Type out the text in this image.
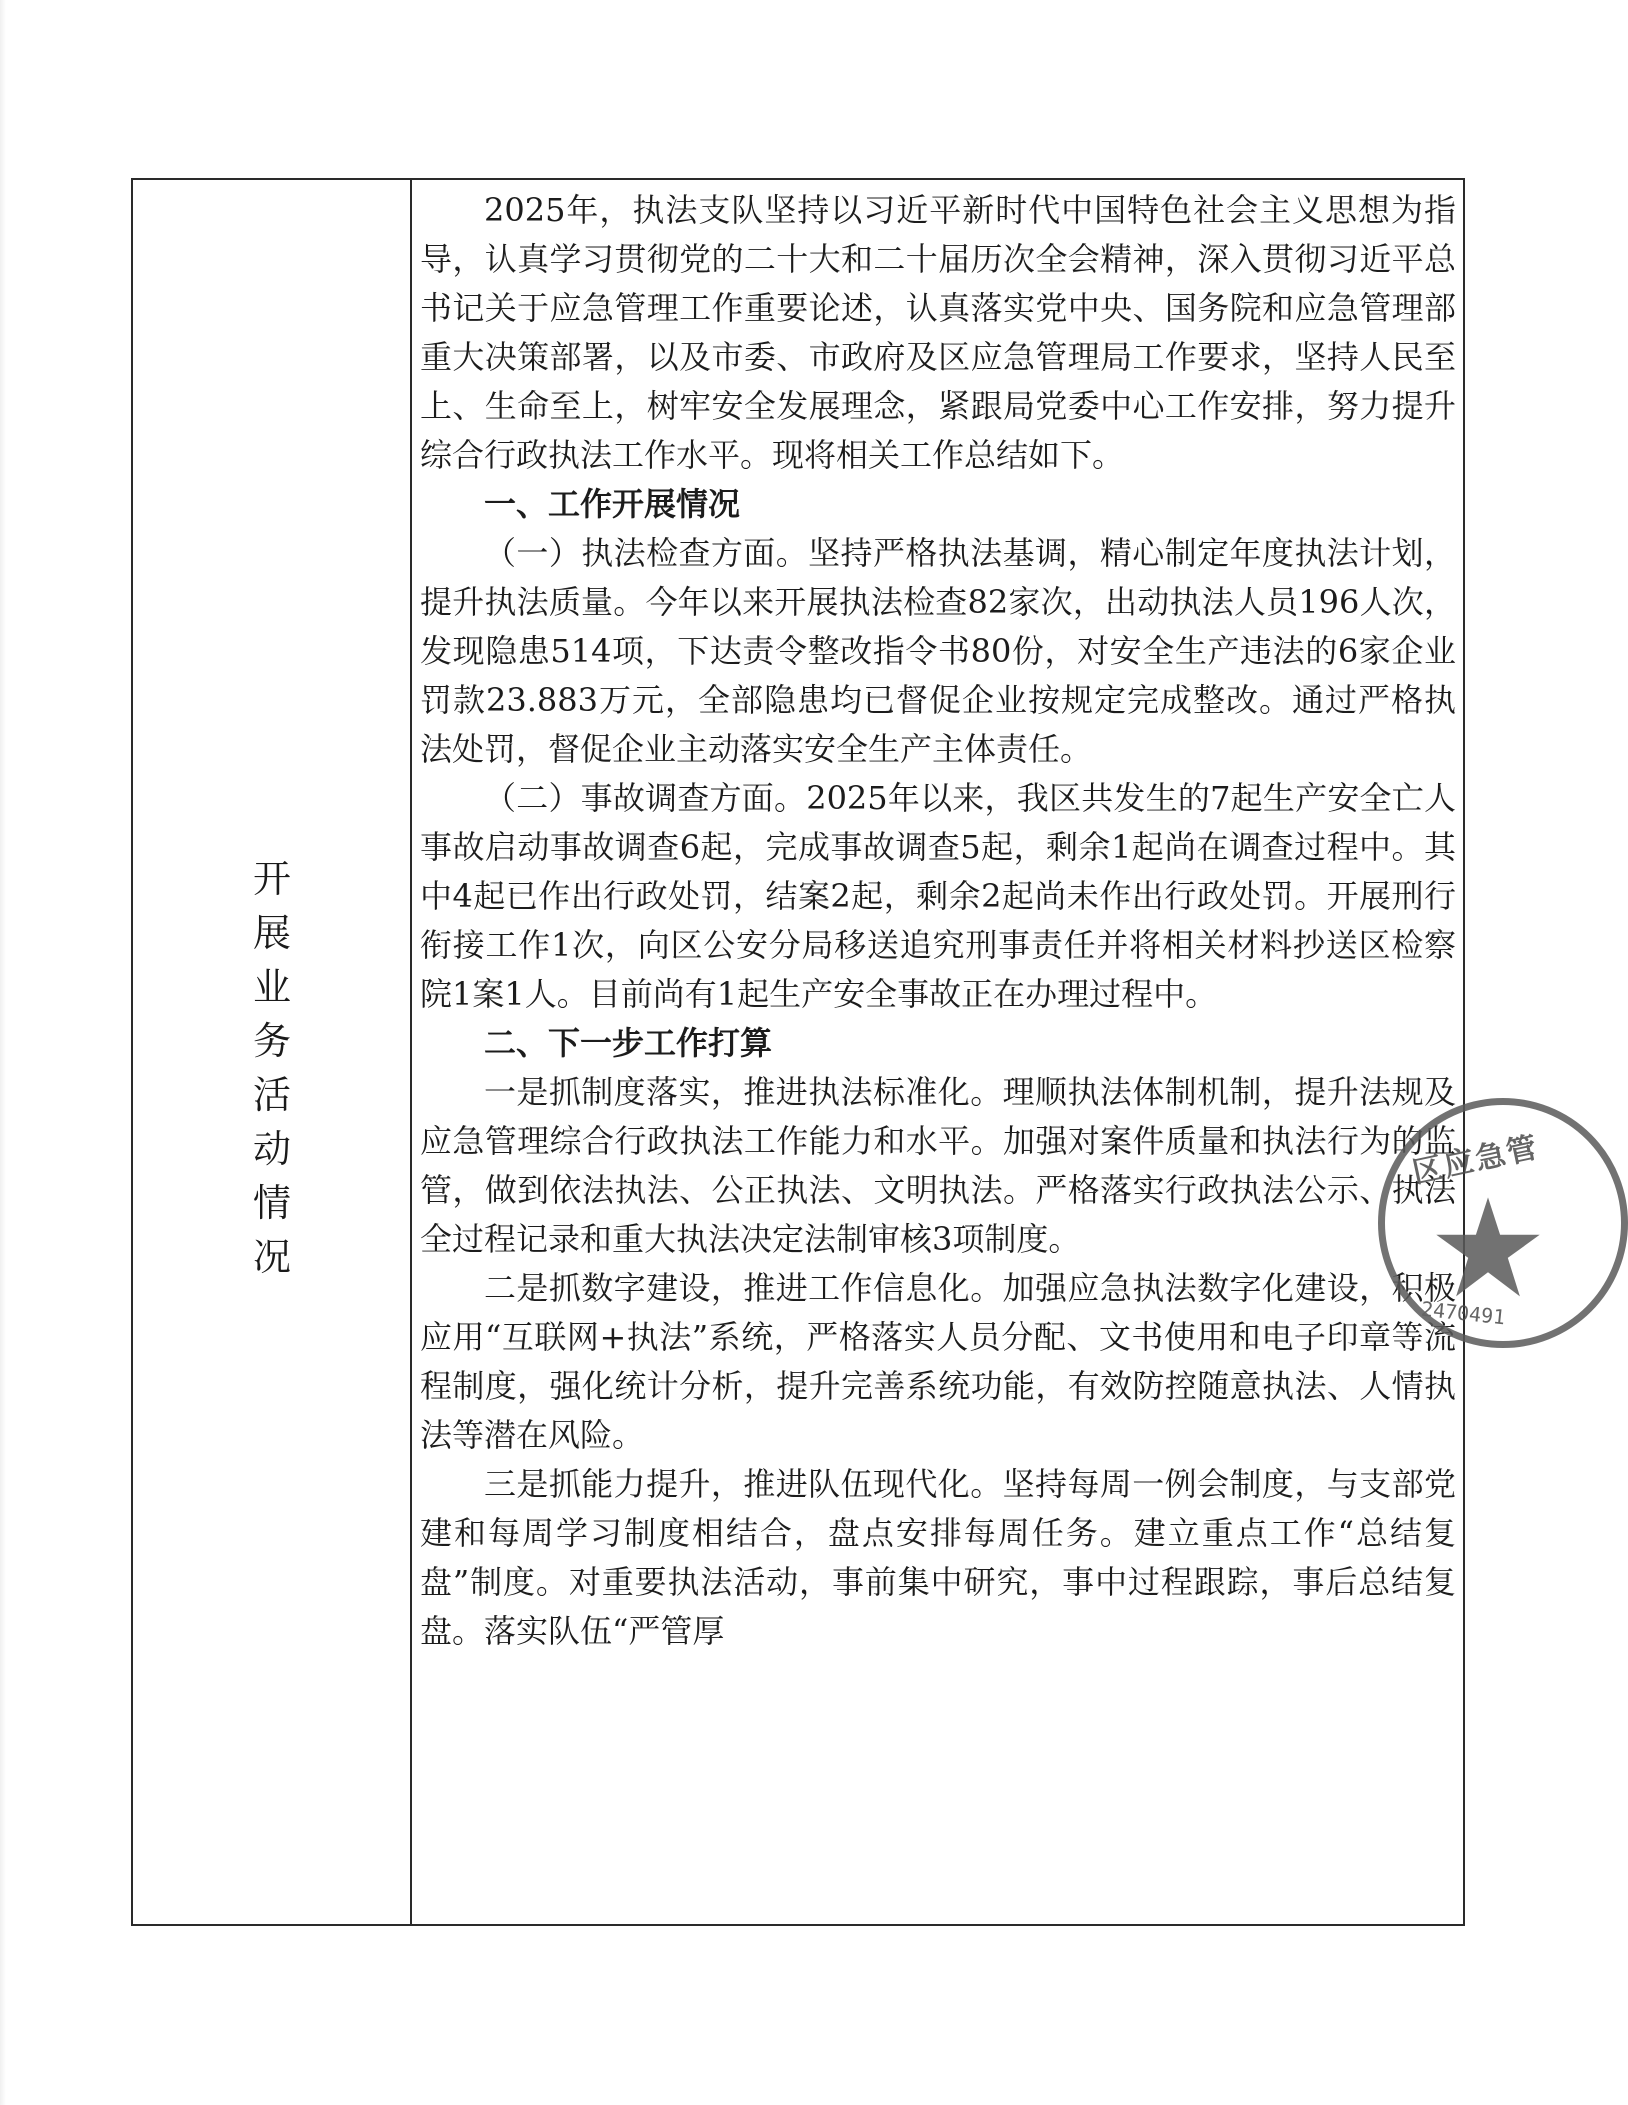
开
展
业
务
活
动
情
况

2025年，执法支队坚持以习近平新时代中国特色社会主义思想为指导，认真学习贯彻党的二十大和二十届历次全会精神，深入贯彻习近平总书记关于应急管理工作重要论述，认真落实党中央、国务院和应急管理部重大决策部署，以及市委、市政府及区应急管理局工作要求，坚持人民至上、生命至上，树牢安全发展理念，紧跟局党委中心工作安排，努力提升综合行政执法工作水平。现将相关工作总结如下。

一、工作开展情况

（一）执法检查方面。坚持严格执法基调，精心制定年度执法计划，提升执法质量。今年以来开展执法检查82家次，出动执法人员196人次，发现隐患514项，下达责令整改指令书80份，对安全生产违法的6家企业罚款23.883万元，全部隐患均已督促企业按规定完成整改。通过严格执法处罚，督促企业主动落实安全生产主体责任。

（二）事故调查方面。2025年以来，我区共发生的7起生产安全亡人事故启动事故调查6起，完成事故调查5起，剩余1起尚在调查过程中。其中4起已作出行政处罚，结案2起，剩余2起尚未作出行政处罚。开展刑行衔接工作1次，向区公安分局移送追究刑事责任并将相关材料抄送区检察院1案1人。目前尚有1起生产安全事故正在办理过程中。

二、下一步工作打算

一是抓制度落实，推进执法标准化。理顺执法体制机制，提升法规及应急管理综合行政执法工作能力和水平。加强对案件质量和执法行为的监管，做到依法执法、公正执法、文明执法。严格落实行政执法公示、执法全过程记录和重大执法决定法制审核3项制度。

二是抓数字建设，推进工作信息化。加强应急执法数字化建设，积极应用“互联网+执法”系统，严格落实人员分配、文书使用和电子印章等流程制度，强化统计分析，提升完善系统功能，有效防控随意执法、人情执法等潜在风险。

三是抓能力提升，推进队伍现代化。坚持每周一例会制度，与支部党建和每周学习制度相结合，盘点安排每周任务。建立重点工作“总结复盘”制度。对重要执法活动，事前集中研究，事中过程跟踪，事后总结复盘。落实队伍“严管厚

区应急管
2470491
